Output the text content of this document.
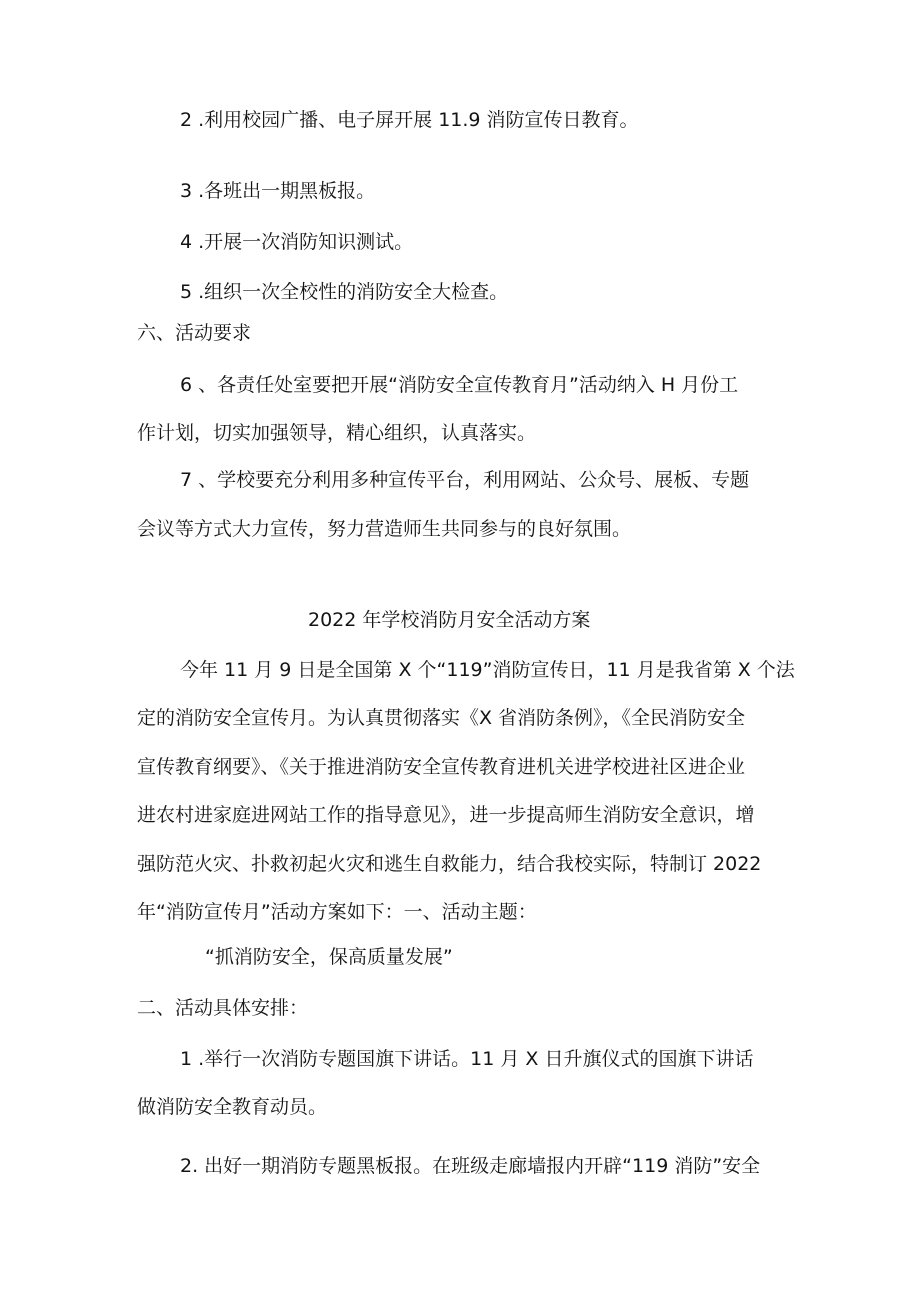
2 .利用校园广播、电子屏开展 11.9 消防宣传日教育。
3 .各班出一期黑板报。
4 .开展一次消防知识测试。
5 .组织一次全校性的消防安全大检查。
六、活动要求
6 、各责任处室要把开展“消防安全宣传教育月”活动纳入 H 月份工
作计划，切实加强领导，精心组织，认真落实。
7 、学校要充分利用多种宣传平台，利用网站、公众号、展板、专题
会议等方式大力宣传，努力营造师生共同参与的良好氛围。
2022 年学校消防月安全活动方案
今年 11 月 9 日是全国第 X 个“119”消防宣传日，11 月是我省第 X 个法
定的消防安全宣传月。为认真贯彻落实《X 省消防条例》，《全民消防安全
宣传教育纲要》、《关于推进消防安全宣传教育进机关进学校进社区进企业
进农村进家庭进网站工作的指导意见》，进一步提高师生消防安全意识，增
强防范火灾、扑救初起火灾和逃生自救能力，结合我校实际，特制订 2022
年“消防宣传月”活动方案如下：一、活动主题：
“抓消防安全，保高质量发展”
二、活动具体安排：
1 .举行一次消防专题国旗下讲话。11 月 X 日升旗仪式的国旗下讲话
做消防安全教育动员。
2. 出好一期消防专题黑板报。在班级走廊墙报内开辟“119 消防”安全
